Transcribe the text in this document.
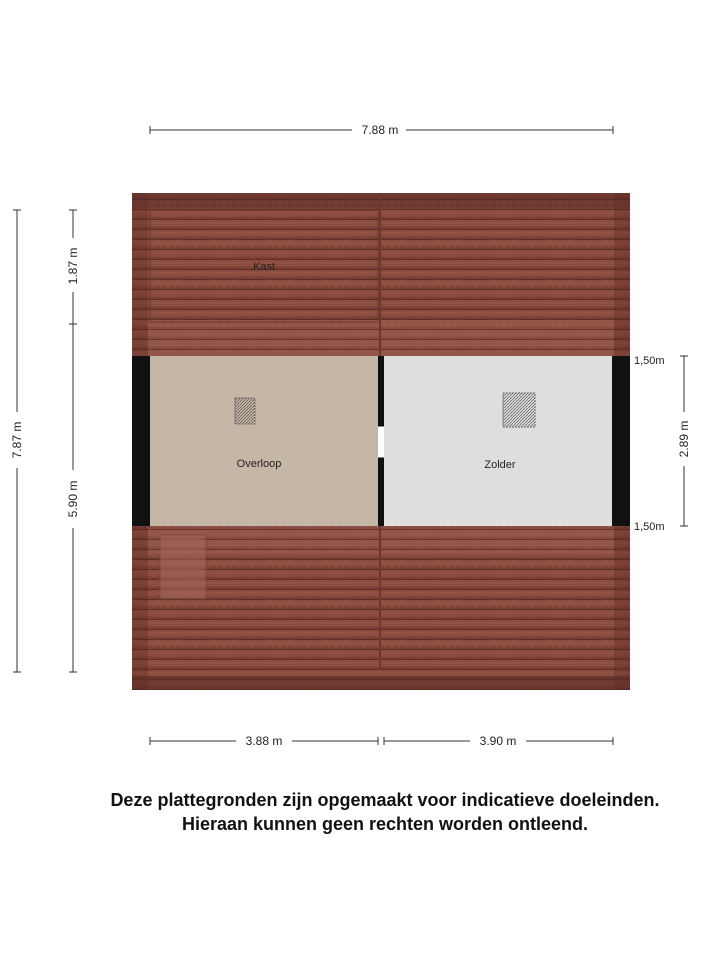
7.88 m
Kast
Overloop	Zolder
7.87 m
1.87 m
5.90 m
2.89 m
1,50m
1,50m
3.88 m	3.90 m
Deze plattegronden zijn opgemaakt voor indicatieve doeleinden.
Hieraan kunnen geen rechten worden ontleend.
